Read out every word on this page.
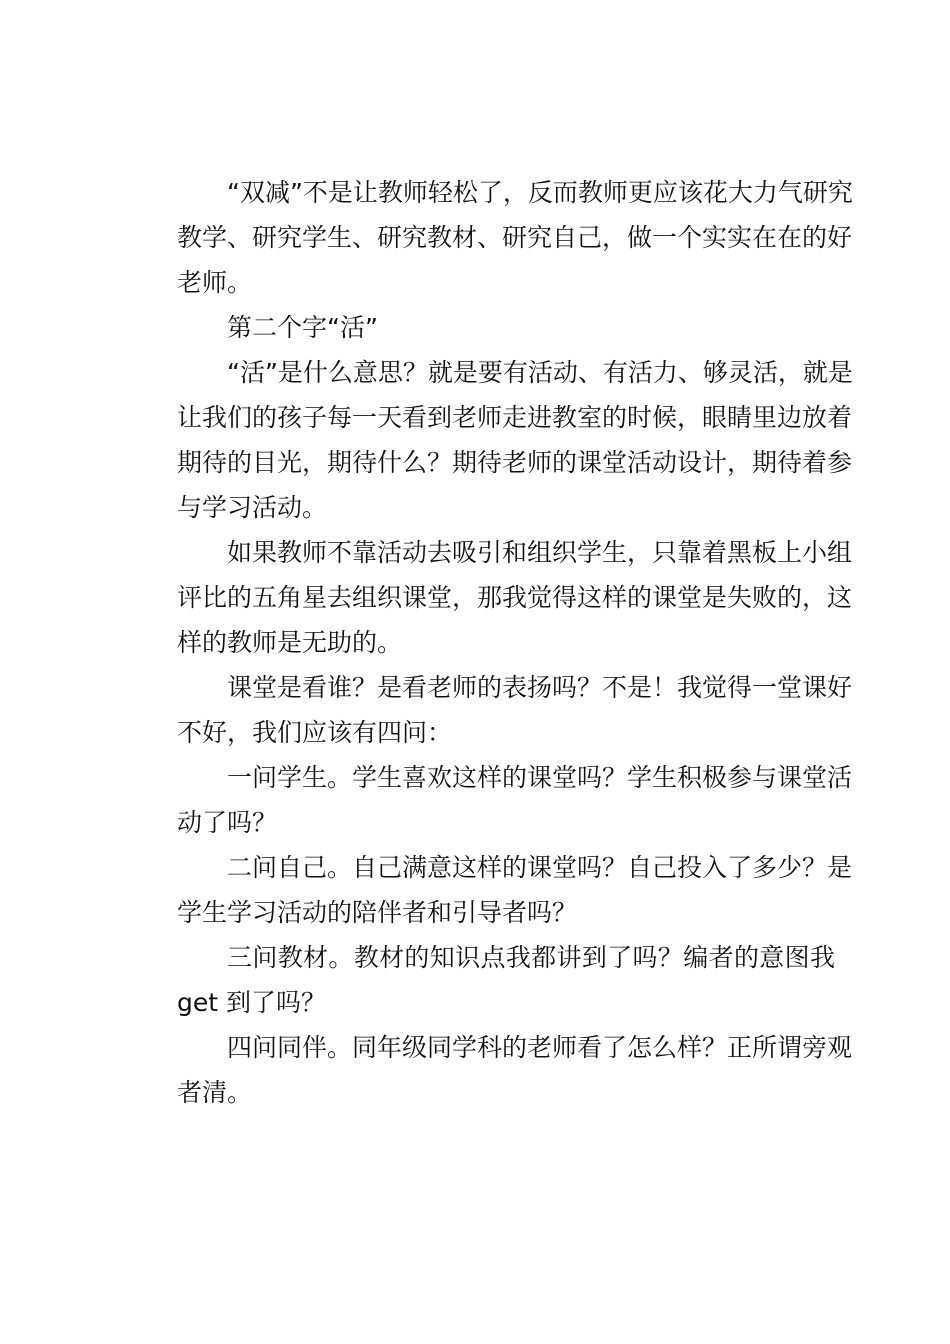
“双减”不是让教师轻松了，反而教师更应该花大力气研究
教学、研究学生、研究教材、研究自己，做一个实实在在的好
老师。
第二个字“活”
“活”是什么意思？就是要有活动、有活力、够灵活，就是
让我们的孩子每一天看到老师走进教室的时候，眼睛里边放着
期待的目光，期待什么？期待老师的课堂活动设计，期待着参
与学习活动。
如果教师不靠活动去吸引和组织学生，只靠着黑板上小组
评比的五角星去组织课堂，那我觉得这样的课堂是失败的，这
样的教师是无助的。
课堂是看谁？是看老师的表扬吗？不是！我觉得一堂课好
不好，我们应该有四问：
一问学生。学生喜欢这样的课堂吗？学生积极参与课堂活
动了吗？
二问自己。自己满意这样的课堂吗？自己投入了多少？是
学生学习活动的陪伴者和引导者吗？
三问教材。教材的知识点我都讲到了吗？编者的意图我
get 到了吗？
四问同伴。同年级同学科的老师看了怎么样？正所谓旁观
者清。
